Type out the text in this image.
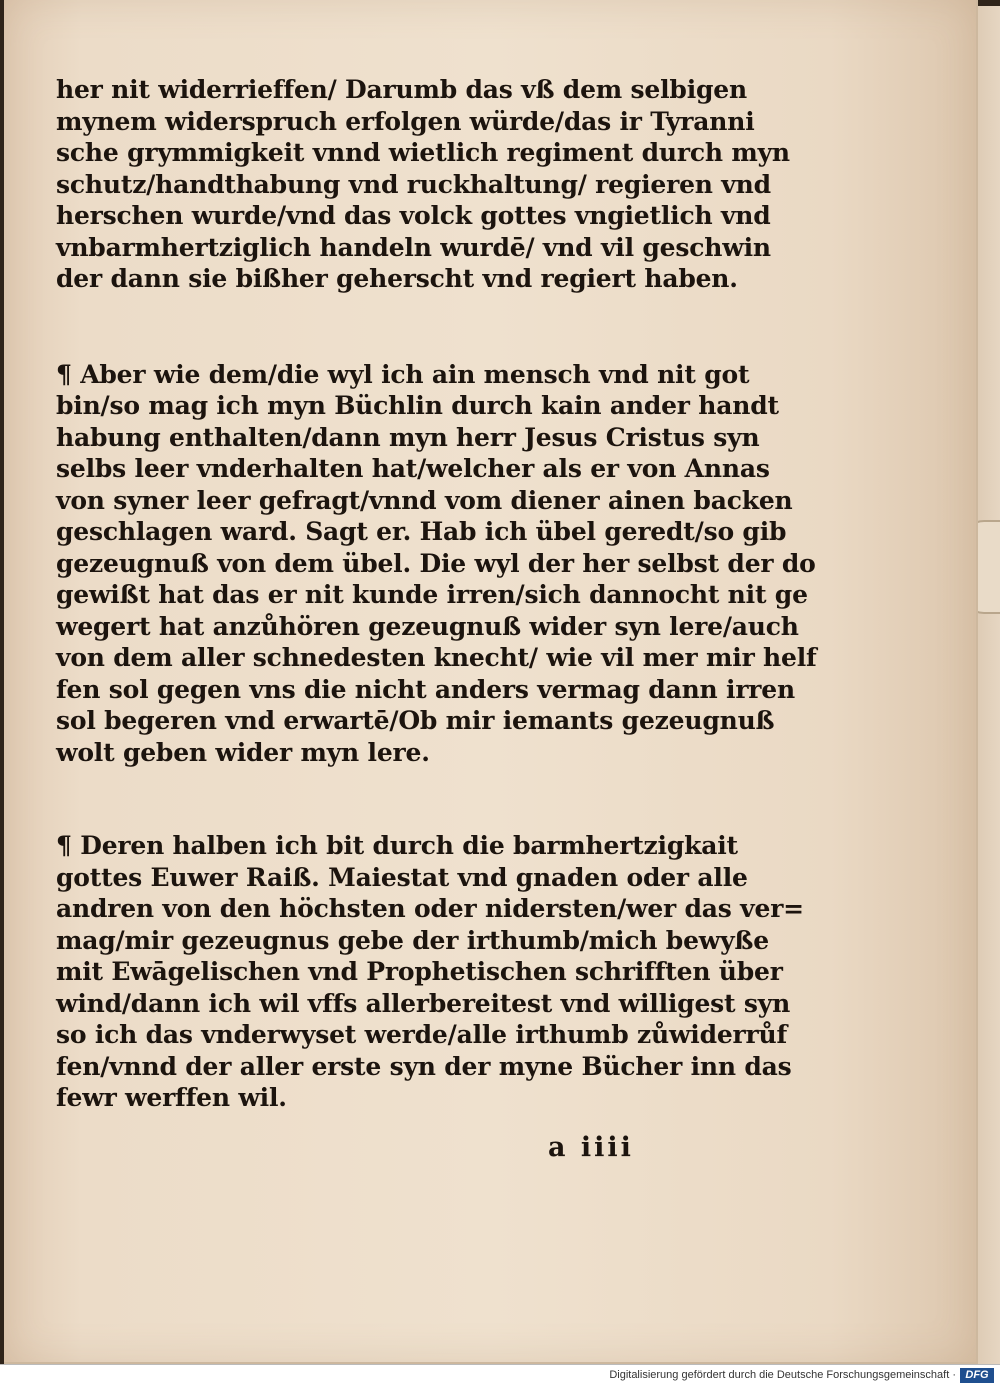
her nit widerrieffen/ Darumb das vß dem selbigen
mynem widerspruch erfolgen würde/das ir Tyranni
sche grymmigkeit vnnd wietlich regiment durch myn
schutz/handthabung vnd ruckhaltung/ regieren vnd
herschen wurde/vnd das volck gottes vngietlich vnd
vnbarmhertziglich handeln wurdē/ vnd vil geschwin
der dann sie bißher geherscht vnd regiert haben.
¶ Aber wie dem/die wyl ich ain mensch vnd nit got
bin/so mag ich myn Büchlin durch kain ander handt
habung enthalten/dann myn herr Jesus Cristus syn
selbs leer vnderhalten hat/welcher als er von Annas
von syner leer gefragt/vnnd vom diener ainen backen
geschlagen ward. Sagt er. Hab ich übel geredt/so gib
gezeugnuß von dem übel. Die wyl der her selbst der do
gewißt hat das er nit kunde irren/sich dannocht nit ge
wegert hat anzůhören gezeugnuß wider syn lere/auch
von dem aller schnedesten knecht/ wie vil mer mir helf
fen sol gegen vns die nicht anders vermag dann irren
sol begeren vnd erwartē/Ob mir iemants gezeugnuß
wolt geben wider myn lere.
¶ Deren halben ich bit durch die barmhertzigkait
gottes Euwer Raiß. Maiestat vnd gnaden oder alle
andren von den höchsten oder nidersten/wer das ver=
mag/mir gezeugnus gebe der irthumb/mich bewyße
mit Ewāgelischen vnd Prophetischen schrifften über
wind/dann ich wil vffs allerbereitest vnd willigest syn
so ich das vnderwyset werde/alle irthumb zůwiderrůf
fen/vnnd der aller erste syn der myne Bücher inn das
fewr werffen wil.
a iiii
Digitalisierung gefördert durch die Deutsche Forschungsgemeinschaft · DFG
